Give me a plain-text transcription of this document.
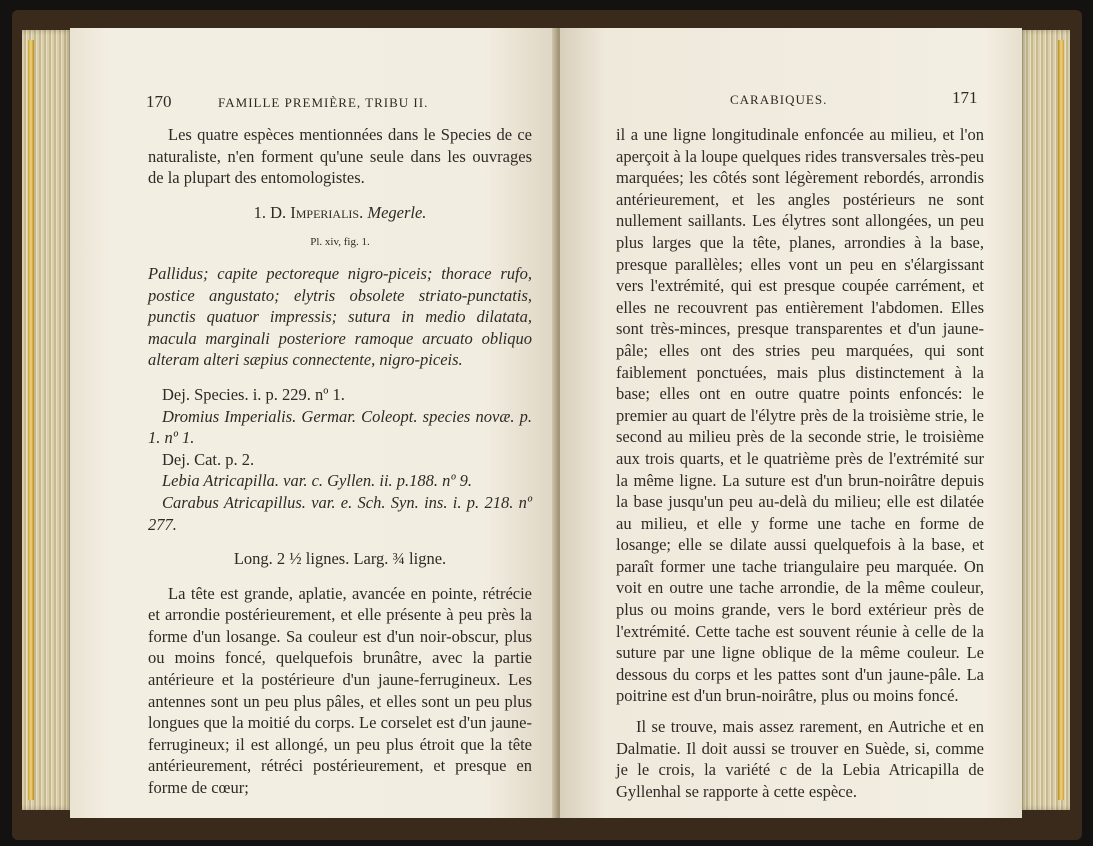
170	FAMILLE PREMIÈRE, TRIBU II.

Les quatre espèces mentionnées dans le Species de ce naturaliste, n'en forment qu'une seule dans les ouvrages de la plupart des entomologistes.

1. D. Imperialis. Megerle.

Pl. xiv, fig. 1.

Pallidus; capite pectoreque nigro-piceis; thorace rufo, postice angustato; elytris obsolete striato-punctatis, punctis quatuor impressis; sutura in medio dilatata, macula marginali posteriore ramoque arcuato obliquo alteram alteri sæpius connectente, nigro-piceis.

Dej. Species. i. p. 229. nº 1.

Dromius Imperialis. Germar. Coleopt. species novæ. p. 1. nº 1.

Dej. Cat. p. 2.

Lebia Atricapilla. var. c. Gyllen. ii. p.188. nº 9.

Carabus Atricapillus. var. e. Sch. Syn. ins. i. p. 218. nº 277.

Long. 2 ½ lignes. Larg. ¾ ligne.

La tête est grande, aplatie, avancée en pointe, rétrécie et arrondie postérieurement, et elle présente à peu près la forme d'un losange. Sa couleur est d'un noir-obscur, plus ou moins foncé, quelquefois brunâtre, avec la partie antérieure et la postérieure d'un jaune-ferrugineux. Les antennes sont un peu plus pâles, et elles sont un peu plus longues que la moitié du corps. Le corselet est d'un jaune-ferrugineux; il est allongé, un peu plus étroit que la tête antérieurement, rétréci postérieurement, et presque en forme de cœur;

CARABIQUES.	171

il a une ligne longitudinale enfoncée au milieu, et l'on aperçoit à la loupe quelques rides transversales très-peu marquées; les côtés sont légèrement rebordés, arrondis antérieurement, et les angles postérieurs ne sont nullement saillants. Les élytres sont allongées, un peu plus larges que la tête, planes, arrondies à la base, presque parallèles; elles vont un peu en s'élargissant vers l'extrémité, qui est presque coupée carrément, et elles ne recouvrent pas entièrement l'abdomen. Elles sont très-minces, presque transparentes et d'un jaune-pâle; elles ont des stries peu marquées, qui sont faiblement ponctuées, mais plus distinctement à la base; elles ont en outre quatre points enfoncés: le premier au quart de l'élytre près de la troisième strie, le second au milieu près de la seconde strie, le troisième aux trois quarts, et le quatrième près de l'extrémité sur la même ligne. La suture est d'un brun-noirâtre depuis la base jusqu'un peu au-delà du milieu; elle est dilatée au milieu, et elle y forme une tache en forme de losange; elle se dilate aussi quelquefois à la base, et paraît former une tache triangulaire peu marquée. On voit en outre une tache arrondie, de la même couleur, plus ou moins grande, vers le bord extérieur près de l'extrémité. Cette tache est souvent réunie à celle de la suture par une ligne oblique de la même couleur. Le dessous du corps et les pattes sont d'un jaune-pâle. La poitrine est d'un brun-noirâtre, plus ou moins foncé.

Il se trouve, mais assez rarement, en Autriche et en Dalmatie. Il doit aussi se trouver en Suède, si, comme je le crois, la variété c de la Lebia Atricapilla de Gyllenhal se rapporte à cette espèce.
